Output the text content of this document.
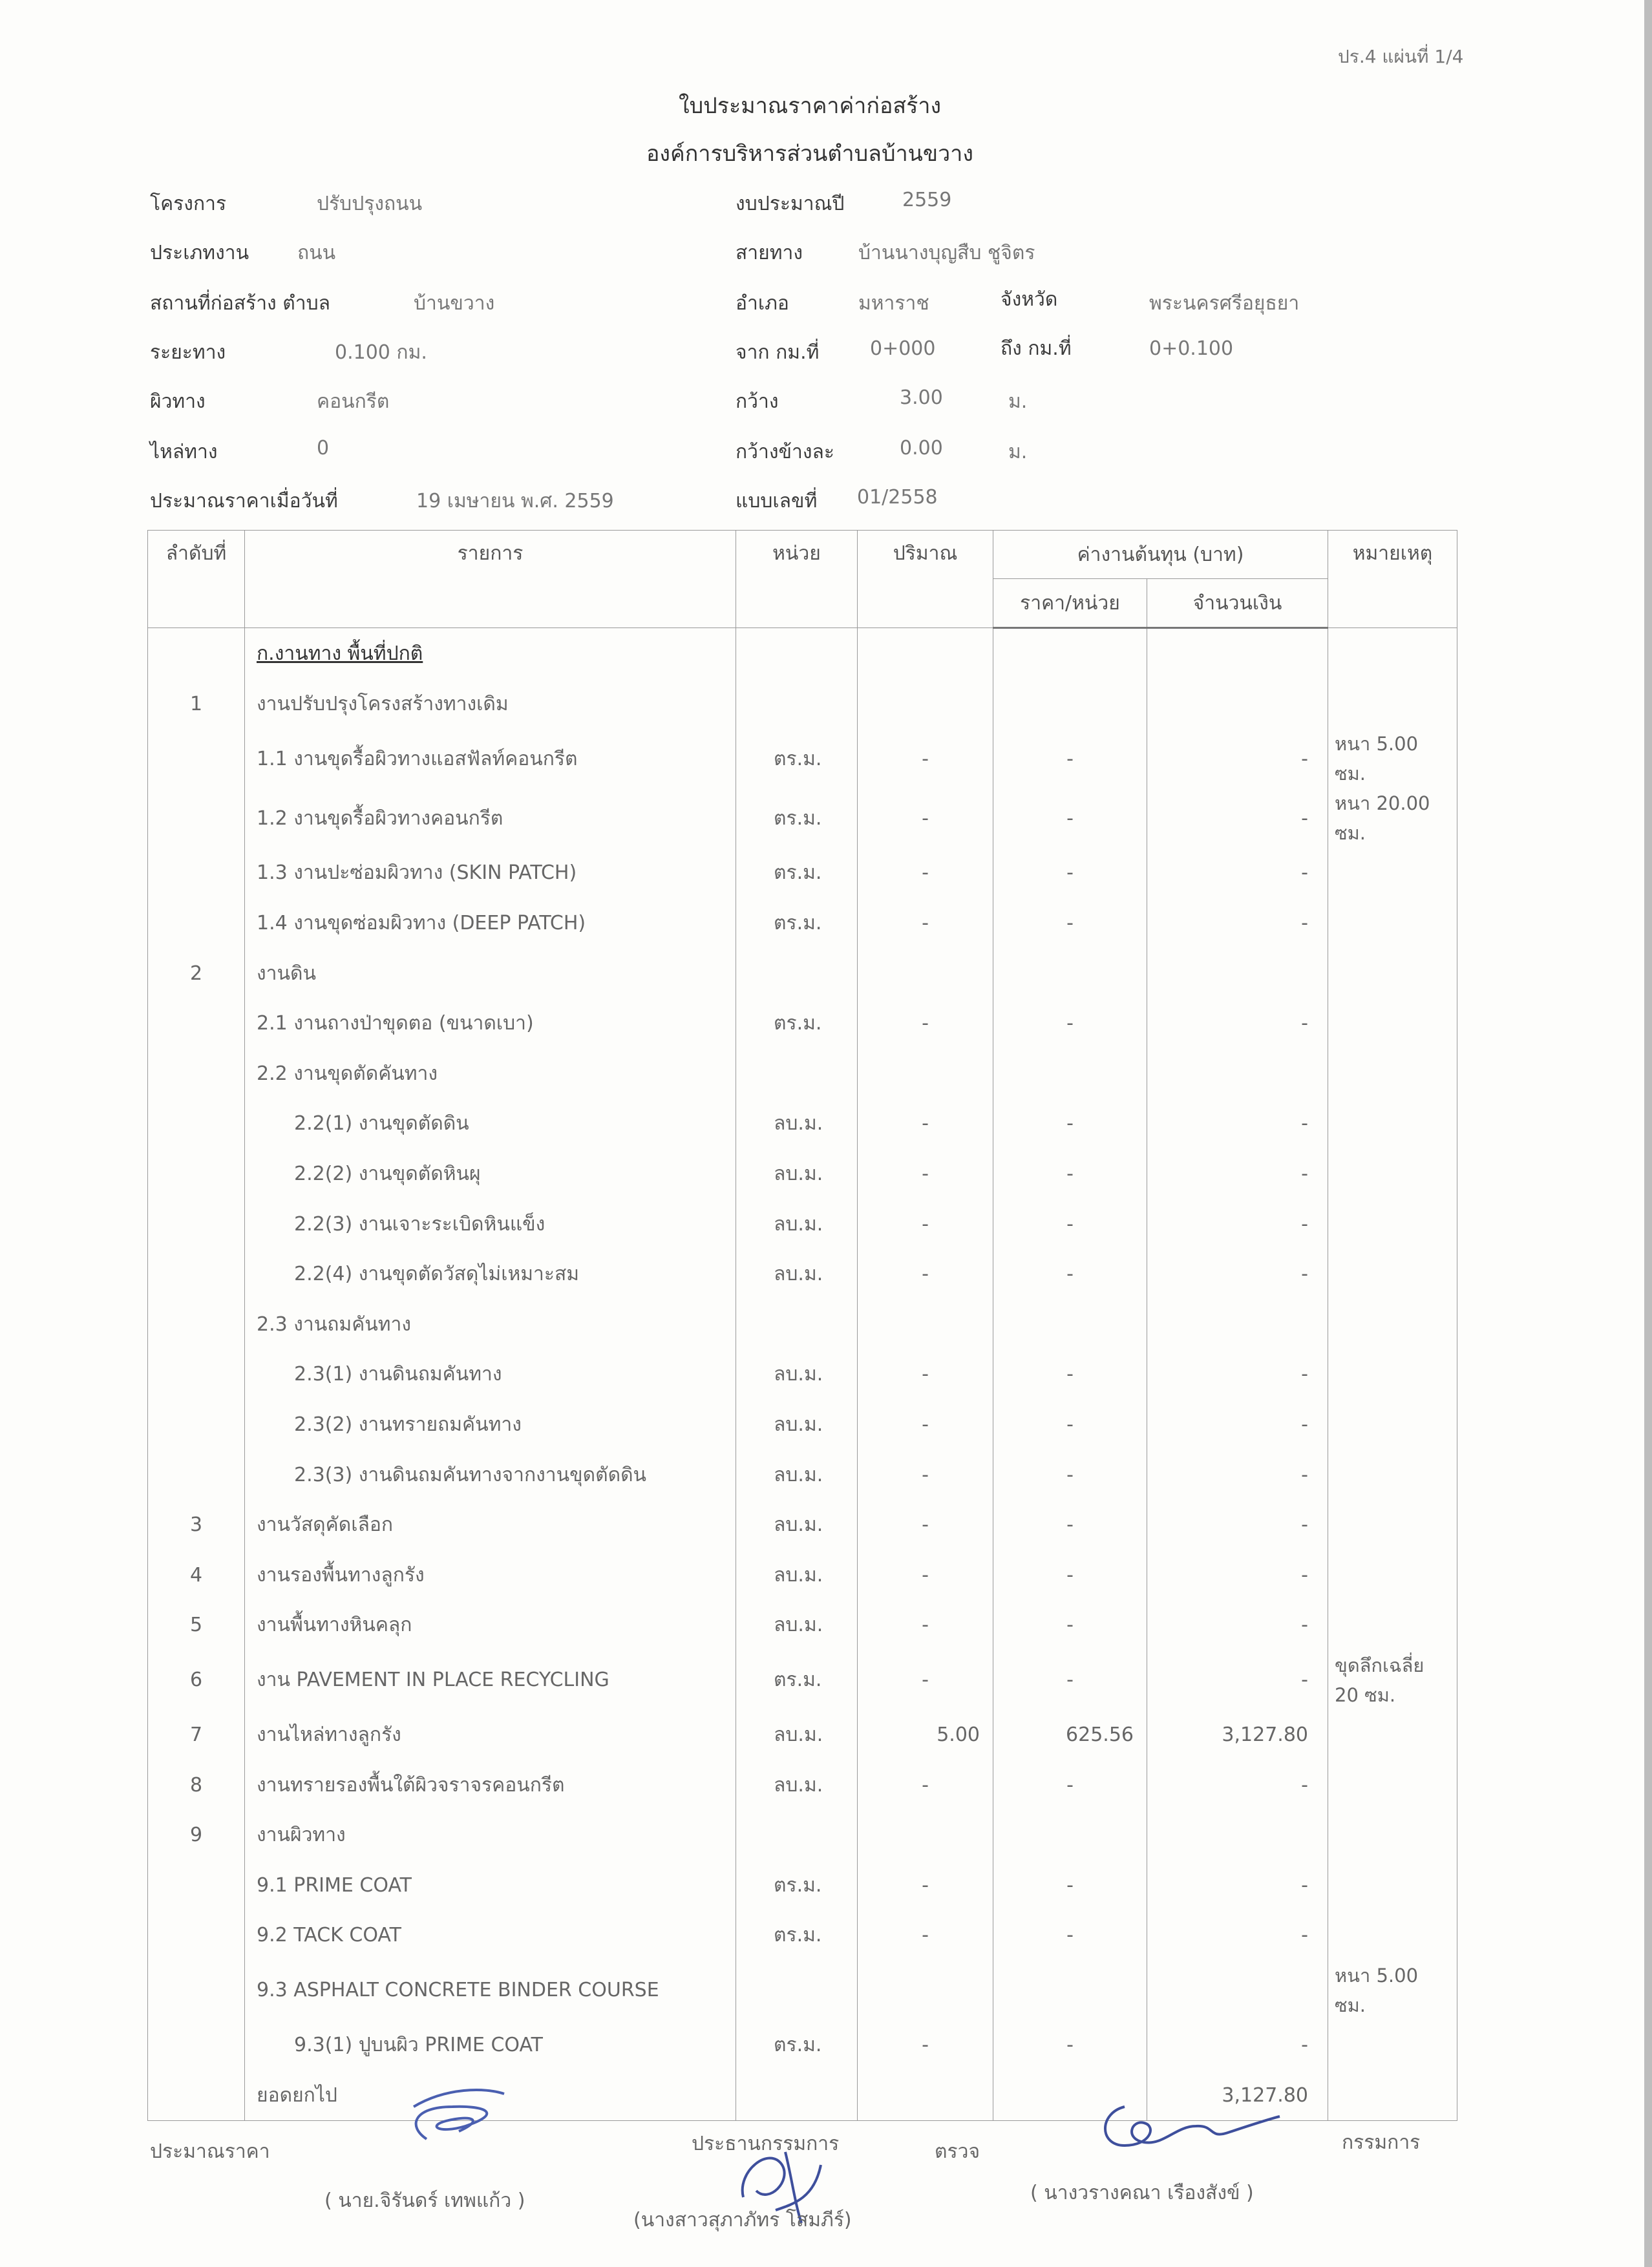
ปร.4 แผ่นที่ 1/4
ใบประมาณราคาค่าก่อสร้าง
องค์การบริหารส่วนตำบลบ้านขวาง
โครงการ	ปรับปรุงถนน
ประเภทงาน ถนน
สถานที่ก่อสร้าง ตำบล	บ้านขวาง
ระยะทาง	0.100 กม.
ผิวทาง	คอนกรีต
ไหล่ทาง	0
ประมาณราคาเมื่อวันที่	19 เมษายน พ.ศ. 2559
งบประมาณปี	2559
สายทาง	บ้านนางบุญสืบ ชูจิตร
อำเภอ	มหาราช	จังหวัด	พระนครศรีอยุธยา
จาก กม.ที่	0+000	ถึง กม.ที่	0+0.100
กว้าง	3.00	ม.
กว้างข้างละ	0.00	ม.
แบบเลขที่ 01/2558
ลำดับที่	รายการ	หน่วย	ปริมาณ	ค่างานต้นทุน (บาท)		หมายเหตุ
				ราคา/หน่วย	จำนวนเงิน	
	ก.งานทาง พื้นที่ปกติ					
1	งานปรับปรุงโครงสร้างทางเดิม					
	1.1 งานขุดรื้อผิวทางแอสฟัลท์คอนกรีต	ตร.ม.	-	-	-	หนา 5.00 ซม.
	1.2 งานขุดรื้อผิวทางคอนกรีต	ตร.ม.	-	-	-	หนา 20.00 ซม.
	1.3 งานปะซ่อมผิวทาง (SKIN PATCH)	ตร.ม.	-	-	-	
	1.4 งานขุดซ่อมผิวทาง (DEEP PATCH)	ตร.ม.	-	-	-	
2	งานดิน					
	2.1 งานถางป่าขุดตอ (ขนาดเบา)	ตร.ม.	-	-	-	
	2.2 งานขุดตัดคันทาง					
	2.2(1) งานขุดตัดดิน	ลบ.ม.	-	-	-	
	2.2(2) งานขุดตัดหินผุ	ลบ.ม.	-	-	-	
	2.2(3) งานเจาะระเบิดหินแข็ง	ลบ.ม.	-	-	-	
	2.2(4) งานขุดตัดวัสดุไม่เหมาะสม	ลบ.ม.	-	-	-	
	2.3 งานถมคันทาง					
	2.3(1) งานดินถมคันทาง	ลบ.ม.	-	-	-	
	2.3(2) งานทรายถมคันทาง	ลบ.ม.	-	-	-	
	2.3(3) งานดินถมคันทางจากงานขุดตัดดิน	ลบ.ม.	-	-	-	
3	งานวัสดุคัดเลือก	ลบ.ม.	-	-	-	
4	งานรองพื้นทางลูกรัง	ลบ.ม.	-	-	-	
5	งานพื้นทางหินคลุก	ลบ.ม.	-	-	-	
6	งาน PAVEMENT IN PLACE RECYCLING	ตร.ม.	-	-	-	ขุดลึกเฉลี่ย 20 ซม.
7	งานไหล่ทางลูกรัง	ลบ.ม.	5.00	625.56	3,127.80	
8	งานทรายรองพื้นใต้ผิวจราจรคอนกรีต	ลบ.ม.	-	-	-	
9	งานผิวทาง					
	9.1 PRIME COAT	ตร.ม.	-	-	-	
	9.2 TACK COAT	ตร.ม.	-	-	-	
	9.3 ASPHALT CONCRETE BINDER COURSE					หนา 5.00 ซม.
	9.3(1) ปูบนผิว PRIME COAT	ตร.ม.	-	-	-	
	ยอดยกไป				3,127.80	
ประมาณราคา
( นาย.จิรันดร์ เทพแก้ว )
ประธานกรรมการ
(นางสาวสุภาภัทร โสมภีร์)
ตรวจ	กรรมการ
( นางวรางคณา เรืองสังข์ )
